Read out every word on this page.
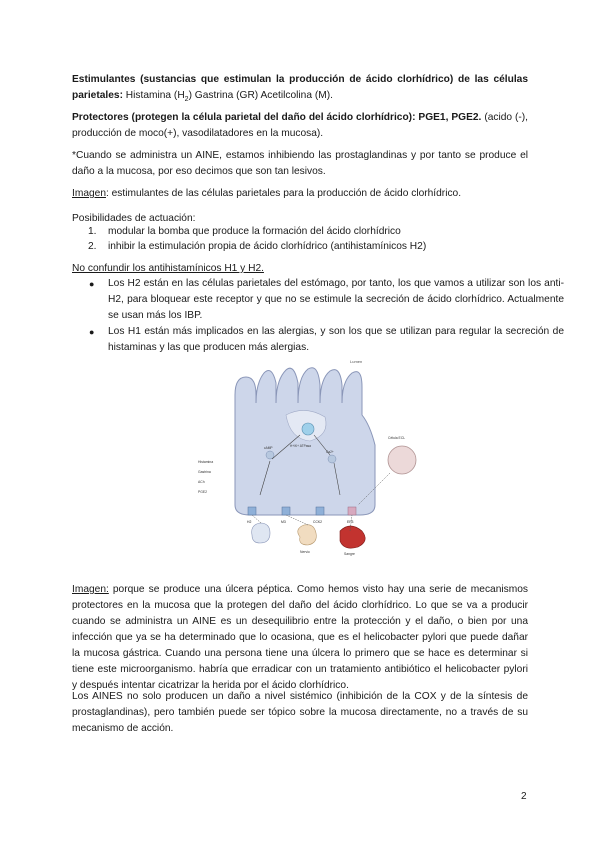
Estimulantes (sustancias que estimulan la producción de ácido clorhídrico) de las células parietales: Histamina $(H_2)$ Gastrina (GR) Acetilcolina (M).

Protectores (protegen la célula parietal del daño del ácido clorhídrico): PGE1, PGE2. (acido (-), producción de moco(+), vasodilatadores en la mucosa).

*Cuando se administra un AINE, estamos inhibiendo las prostaglandinas y por tanto se produce el daño a la mucosa, por eso decimos que son tan lesivos.

Imagen: estimulantes de las células parietales para la producción de ácido clorhídrico.

Posibilidades de actuación:

1. modular la bomba que produce la formación del ácido clorhídrico
2. inhibir la estimulación propia de ácido clorhídrico (antihistamínicos H2)

No confundir los antihistamínicos H1 y H2.

● Los H2 están en las células parietales del estómago, por tanto, los que vamos a utilizar son los anti-H2, para bloquear este receptor y que no se estimule la secreción de ácido clorhídrico. Actualmente se usan más los IBP.
● Los H1 están más implicados en las alergias, y son los que se utilizan para regular la secreción de histaminas y las que producen más alergias.
Lumen
H+/K+ ATPasa
cAMP
Ca2+
H2	M3	CCK2	EP3
Célula ECL
Histamina
Gastrina
ACh
PGE2
Nervio	Sangre

Imagen: porque se produce una úlcera péptica. Como hemos visto hay una serie de mecanismos protectores en la mucosa que la protegen del daño del ácido clorhídrico. Lo que se va a producir cuando se administra un AINE es un desequilibrio entre la protección y el daño, o bien por una infección que ya se ha determinado que lo ocasiona, que es el helicobacter pylori que puede dañar la mucosa gástrica. Cuando una persona tiene una úlcera lo primero que se hace es determinar si tiene este microorganismo. habría que erradicar con un tratamiento antibiótico el helicobacter pylori y después intentar cicatrizar la herida por el ácido clorhídrico.

Los AINES no solo producen un daño a nivel sistémico (inhibición de la COX y de la síntesis de prostaglandinas), pero también puede ser tópico sobre la mucosa directamente, no a través de su mecanismo de acción.

2
